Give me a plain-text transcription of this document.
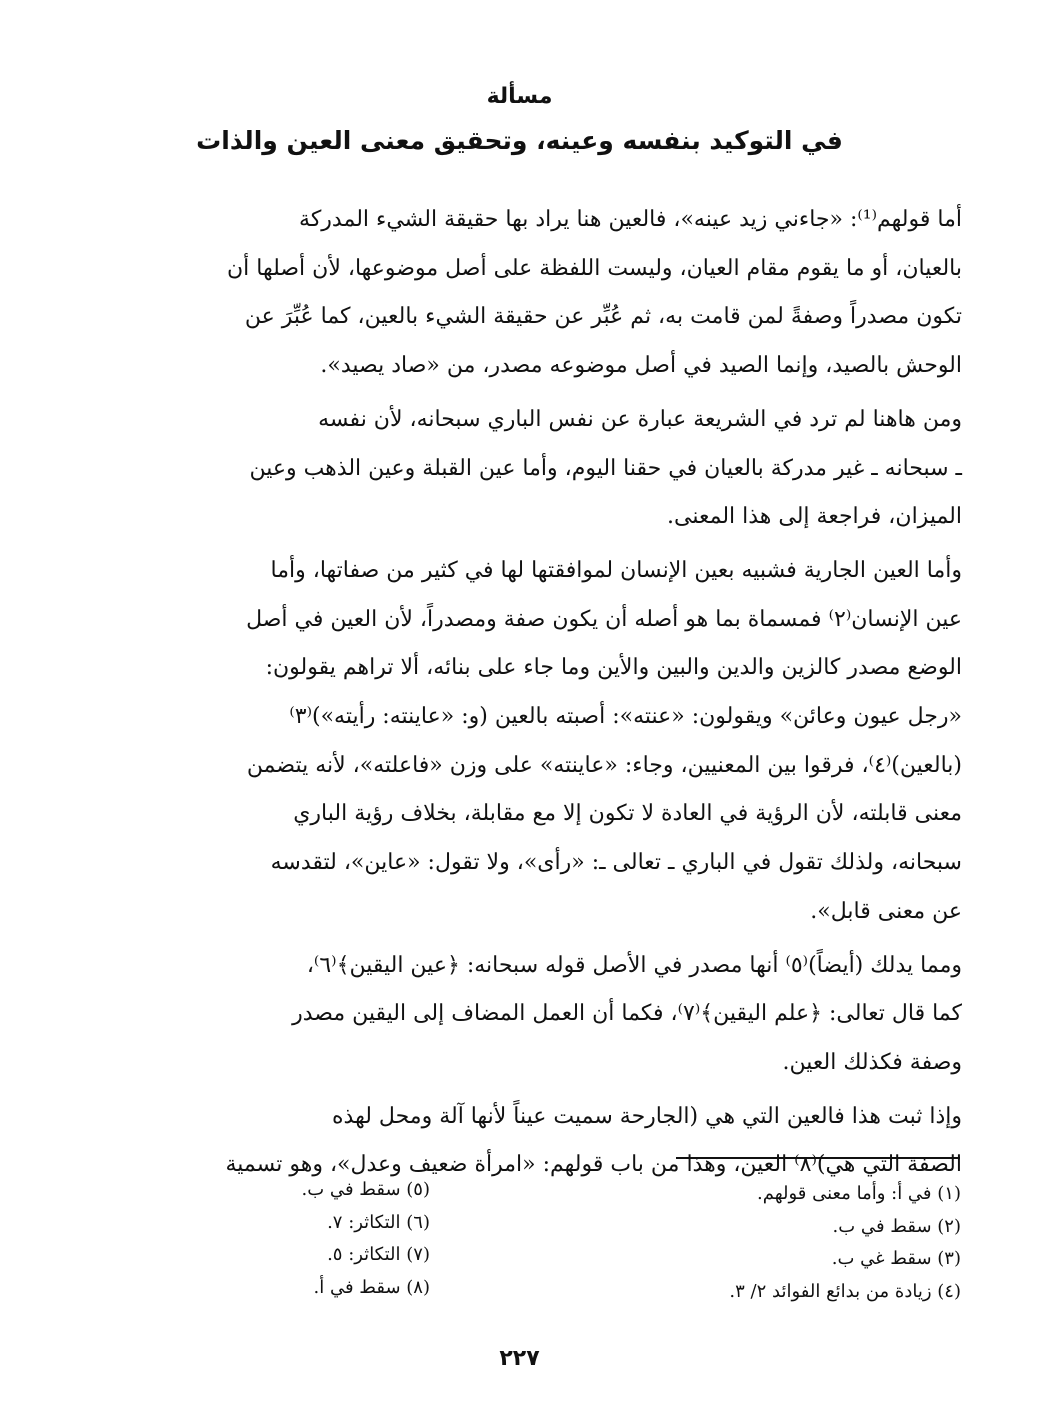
مسألة
في التوكيد بنفسه وعينه، وتحقيق معنى العين والذات

أما قولهم⁽¹⁾: «جاءني زيد عينه»، فالعين هنا يراد بها حقيقة الشيء المدركة
بالعيان، أو ما يقوم مقام العيان، وليست اللفظة على أصل موضوعها، لأن أصلها أن
تكون مصدراً وصفةً لمن قامت به، ثم عُبِّر عن حقيقة الشيء بالعين، كما عُبِّرَ عن
الوحش بالصيد، وإنما الصيد في أصل موضوعه مصدر، من «صاد يصيد».

ومن هاهنا لم ترد في الشريعة عبارة عن نفس الباري سبحانه، لأن نفسه
ـ سبحانه ـ غير مدركة بالعيان في حقنا اليوم، وأما عين القبلة وعين الذهب وعين
الميزان، فراجعة إلى هذا المعنى.

وأما العين الجارية فشبيه بعين الإنسان لموافقتها لها في كثير من صفاتها، وأما
عين الإنسان⁽٢⁾ فمسماة بما هو أصله أن يكون صفة ومصدراً، لأن العين في أصل
الوضع مصدر كالزين والدين والبين والأين وما جاء على بنائه، ألا تراهم يقولون:
«رجل عيون وعائن» ويقولون: «عنته»: أصبته بالعين (و: «عاينته: رأيته»)⁽٣⁾
(بالعين)⁽٤⁾، فرقوا بين المعنيين، وجاء: «عاينته» على وزن «فاعلته»، لأنه يتضمن
معنى قابلته، لأن الرؤية في العادة لا تكون إلا مع مقابلة، بخلاف رؤية الباري
سبحانه، ولذلك تقول في الباري ـ تعالى ـ: «رأى»، ولا تقول: «عاين»، لتقدسه
عن معنى قابل».

ومما يدلك (أيضاً)⁽٥⁾ أنها مصدر في الأصل قوله سبحانه: ﴿عين اليقين﴾⁽٦⁾،
كما قال تعالى: ﴿علم اليقين﴾⁽٧⁾، فكما أن العمل المضاف إلى اليقين مصدر
وصفة فكذلك العين.

وإذا ثبت هذا فالعين التي هي (الجارحة سميت عيناً لأنها آلة ومحل لهذه
الصفة التي هي)⁽٨⁾ العين، وهذا من باب قولهم: «امرأة ضعيف وعدل»، وهو تسمية

(١) في أ: وأما معنى قولهم.
(٢) سقط في ب.
(٣) سقط غي ب.
(٤) زيادة من بدائع الفوائد ٢/ ٣.
(٥) سقط في ب.
(٦) التكاثر: ٧.
(٧) التكاثر: ٥.
(٨) سقط في أ.
٢٢٧
